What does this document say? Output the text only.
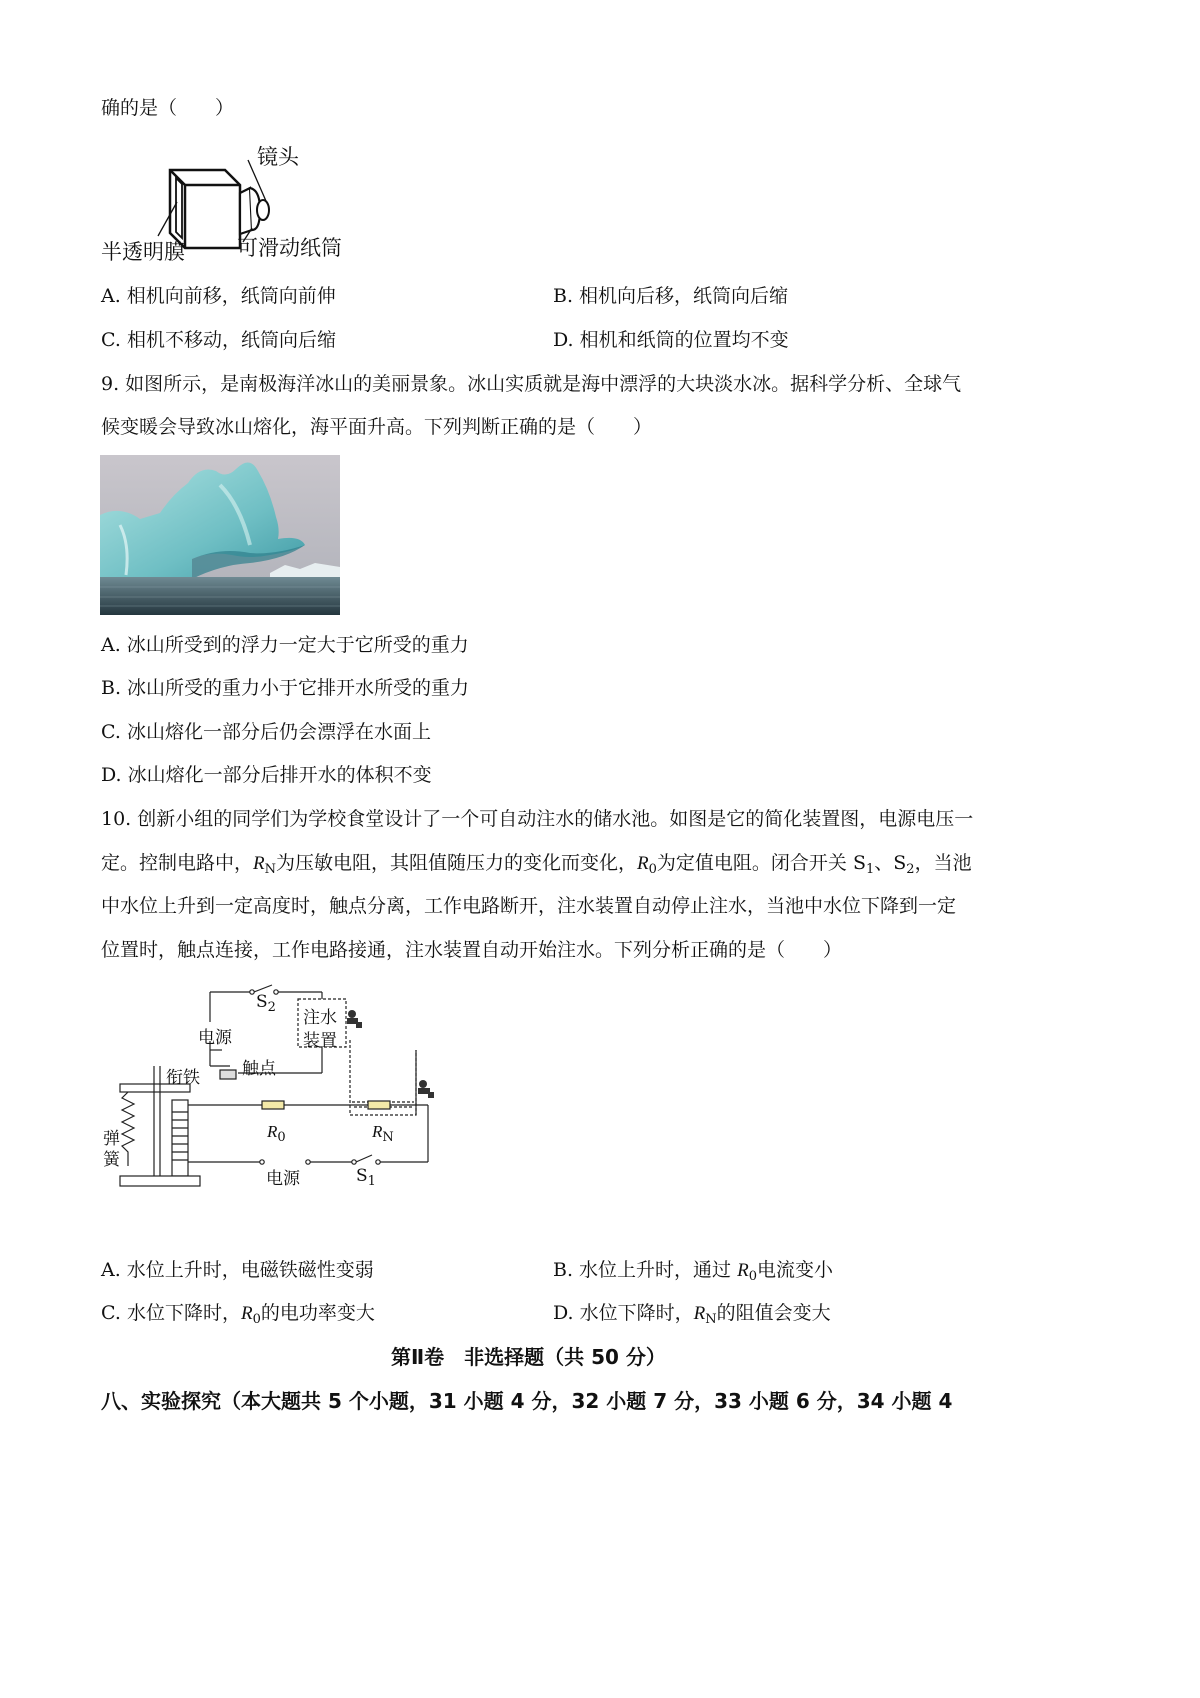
确的是（　　）
镜头
半透明膜 可滑动纸筒
A. 相机向前移，纸筒向前伸	B. 相机向后移，纸筒向后缩
C. 相机不移动，纸筒向后缩	D. 相机和纸筒的位置均不变
9. 如图所示，是南极海洋冰山的美丽景象。冰山实质就是海中漂浮的大块淡水冰。据科学分析、全球气
候变暖会导致冰山熔化，海平面升高。下列判断正确的是（　　）
A. 冰山所受到的浮力一定大于它所受的重力
B. 冰山所受的重力小于它排开水所受的重力
C. 冰山熔化一部分后仍会漂浮在水面上
D. 冰山熔化一部分后排开水的体积不变
10. 创新小组的同学们为学校食堂设计了一个可自动注水的储水池。如图是它的简化装置图，电源电压一
定。控制电路中，$R_N$为压敏电阻，其阻值随压力的变化而变化，$R_0$为定值电阻。闭合开关 $S_1$、$S_2$，当池
中水位上升到一定高度时，触点分离，工作电路断开，注水装置自动停止注水，当池中水位下降到一定
位置时，触点连接，工作电路接通，注水装置自动开始注水。下列分析正确的是（　　）
$S_2$
电源
注水
装置
触点
衔铁
弹
簧
$R_0$	$R_N$
电源	$S_1$
A. 水位上升时，电磁铁磁性变弱	B. 水位上升时，通过 $R_0$电流变小
C. 水位下降时，$R_0$的电功率变大	D. 水位下降时，$R_N$的阻值会变大
第Ⅱ卷　非选择题（共 50 分）
八、实验探究（本大题共 5 个小题，31 小题 4 分，32 小题 7 分，33 小题 6 分，34 小题 4
